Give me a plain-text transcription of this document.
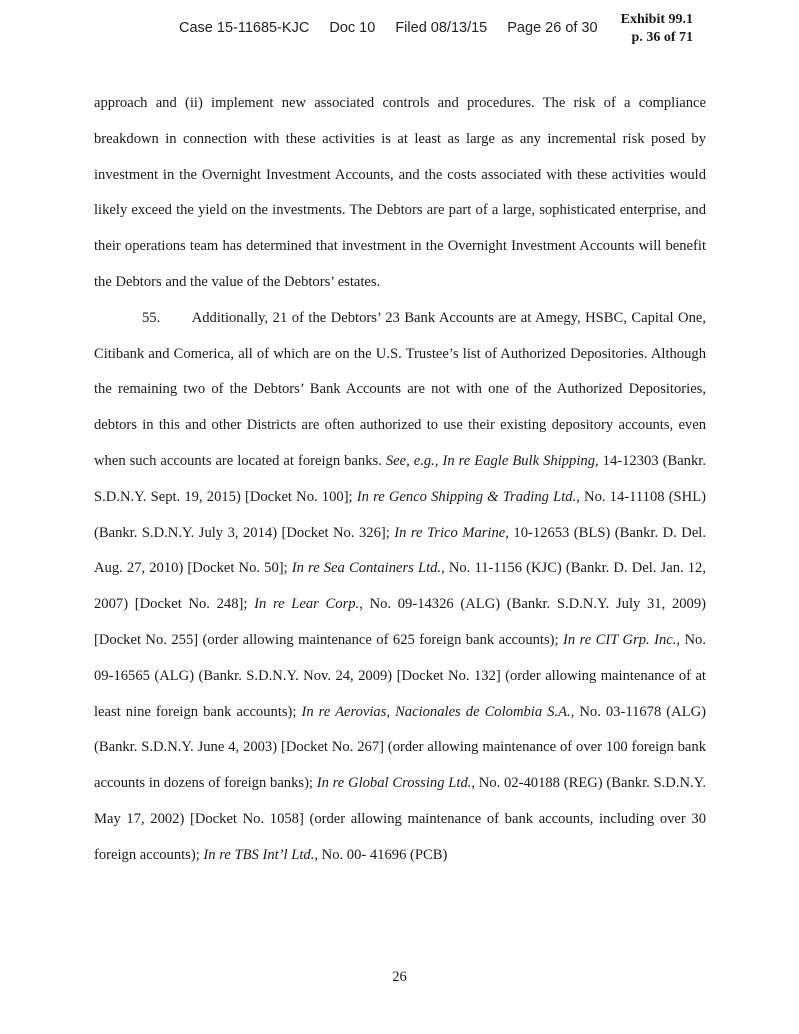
Case 15-11685-KJC Doc 10 Filed 08/13/15 Page 26 of 30
Exhibit 99.1
p. 36 of 71

approach and (ii) implement new associated controls and procedures. The risk of a compliance breakdown in connection with these activities is at least as large as any incremental risk posed by investment in the Overnight Investment Accounts, and the costs associated with these activities would likely exceed the yield on the investments. The Debtors are part of a large, sophisticated enterprise, and their operations team has determined that investment in the Overnight Investment Accounts will benefit the Debtors and the value of the Debtors’ estates.

55. Additionally, 21 of the Debtors’ 23 Bank Accounts are at Amegy, HSBC, Capital One, Citibank and Comerica, all of which are on the U.S. Trustee’s list of Authorized Depositories. Although the remaining two of the Debtors’ Bank Accounts are not with one of the Authorized Depositories, debtors in this and other Districts are often authorized to use their existing depository accounts, even when such accounts are located at foreign banks. See, e.g., In re Eagle Bulk Shipping, 14-12303 (Bankr. S.D.N.Y. Sept. 19, 2015) [Docket No. 100]; In re Genco Shipping & Trading Ltd., No. 14-11108 (SHL) (Bankr. S.D.N.Y. July 3, 2014) [Docket No. 326]; In re Trico Marine, 10-12653 (BLS) (Bankr. D. Del. Aug. 27, 2010) [Docket No. 50]; In re Sea Containers Ltd., No. 11-1156 (KJC) (Bankr. D. Del. Jan. 12, 2007) [Docket No. 248]; In re Lear Corp., No. 09-14326 (ALG) (Bankr. S.D.N.Y. July 31, 2009) [Docket No. 255] (order allowing maintenance of 625 foreign bank accounts); In re CIT Grp. Inc., No. 09-16565 (ALG) (Bankr. S.D.N.Y. Nov. 24, 2009) [Docket No. 132] (order allowing maintenance of at least nine foreign bank accounts); In re Aerovias, Nacionales de Colombia S.A., No. 03-11678 (ALG) (Bankr. S.D.N.Y. June 4, 2003) [Docket No. 267] (order allowing maintenance of over 100 foreign bank accounts in dozens of foreign banks); In re Global Crossing Ltd., No. 02-40188 (REG) (Bankr. S.D.N.Y. May 17, 2002) [Docket No. 1058] (order allowing maintenance of bank accounts, including over 30 foreign accounts); In re TBS Int’l Ltd., No. 00- 41696 (PCB)

26
